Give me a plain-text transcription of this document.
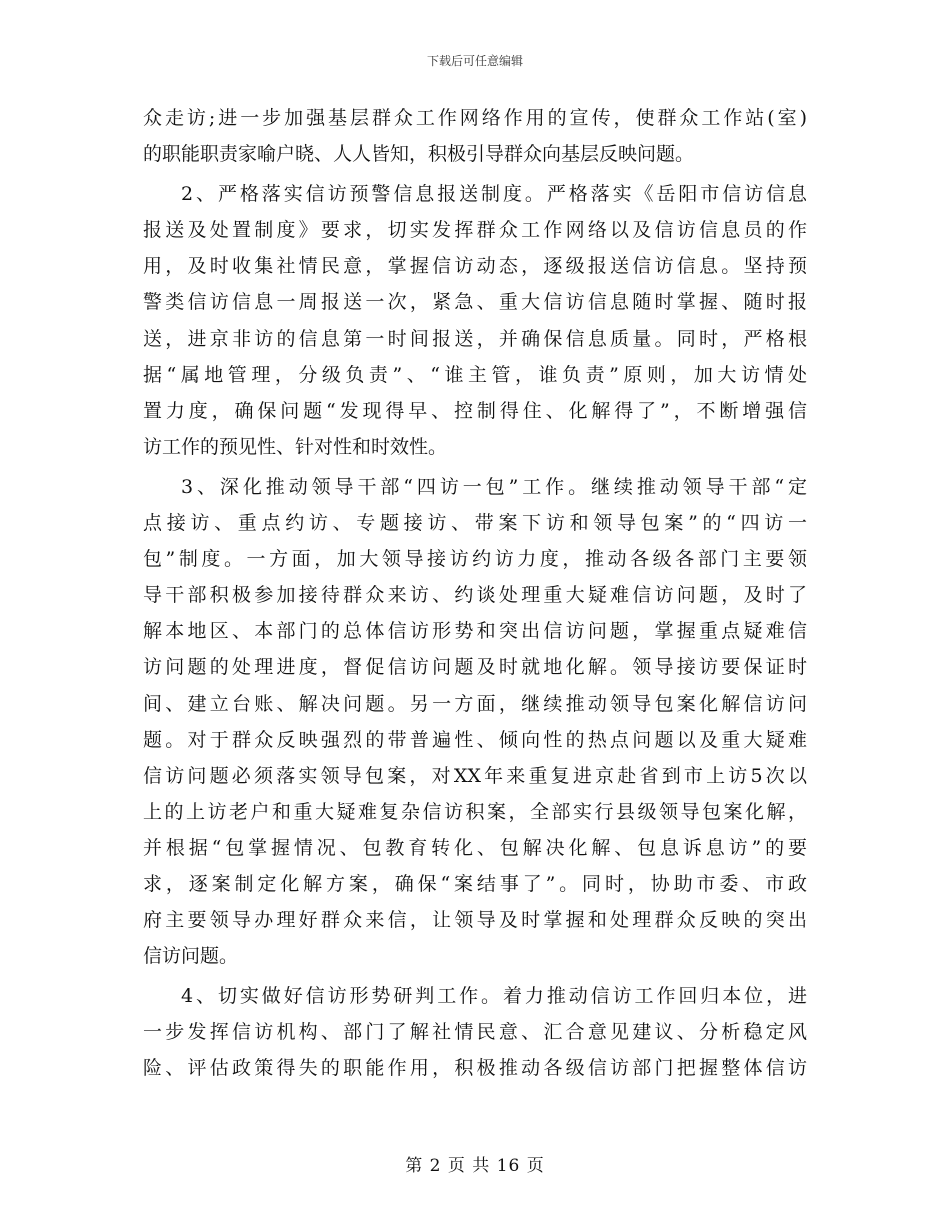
下载后可任意编辑
众走访;进一步加强基层群众工作网络作用的宣传，使群众工作站(室)
的职能职责家喻户晓、人人皆知，积极引导群众向基层反映问题。
2、严格落实信访预警信息报送制度。严格落实《岳阳市信访信息
报送及处置制度》要求，切实发挥群众工作网络以及信访信息员的作
用，及时收集社情民意，掌握信访动态，逐级报送信访信息。坚持预
警类信访信息一周报送一次，紧急、重大信访信息随时掌握、随时报
送，进京非访的信息第一时间报送，并确保信息质量。同时，严格根
据“属地管理，分级负责”、“谁主管，谁负责”原则，加大访情处
置力度，确保问题“发现得早、控制得住、化解得了”，不断增强信
访工作的预见性、针对性和时效性。
3、深化推动领导干部“四访一包”工作。继续推动领导干部“定
点接访、重点约访、专题接访、带案下访和领导包案”的“四访一
包”制度。一方面，加大领导接访约访力度，推动各级各部门主要领
导干部积极参加接待群众来访、约谈处理重大疑难信访问题，及时了
解本地区、本部门的总体信访形势和突出信访问题，掌握重点疑难信
访问题的处理进度，督促信访问题及时就地化解。领导接访要保证时
间、建立台账、解决问题。另一方面，继续推动领导包案化解信访问
题。对于群众反映强烈的带普遍性、倾向性的热点问题以及重大疑难
信访问题必须落实领导包案，对XX年来重复进京赴省到市上访5次以
上的上访老户和重大疑难复杂信访积案，全部实行县级领导包案化解，
并根据“包掌握情况、包教育转化、包解决化解、包息诉息访”的要
求，逐案制定化解方案，确保“案结事了”。同时，协助市委、市政
府主要领导办理好群众来信，让领导及时掌握和处理群众反映的突出
信访问题。
4、切实做好信访形势研判工作。着力推动信访工作回归本位，进
一步发挥信访机构、部门了解社情民意、汇合意见建议、分析稳定风
险、评估政策得失的职能作用，积极推动各级信访部门把握整体信访
第 2 页 共 16 页
